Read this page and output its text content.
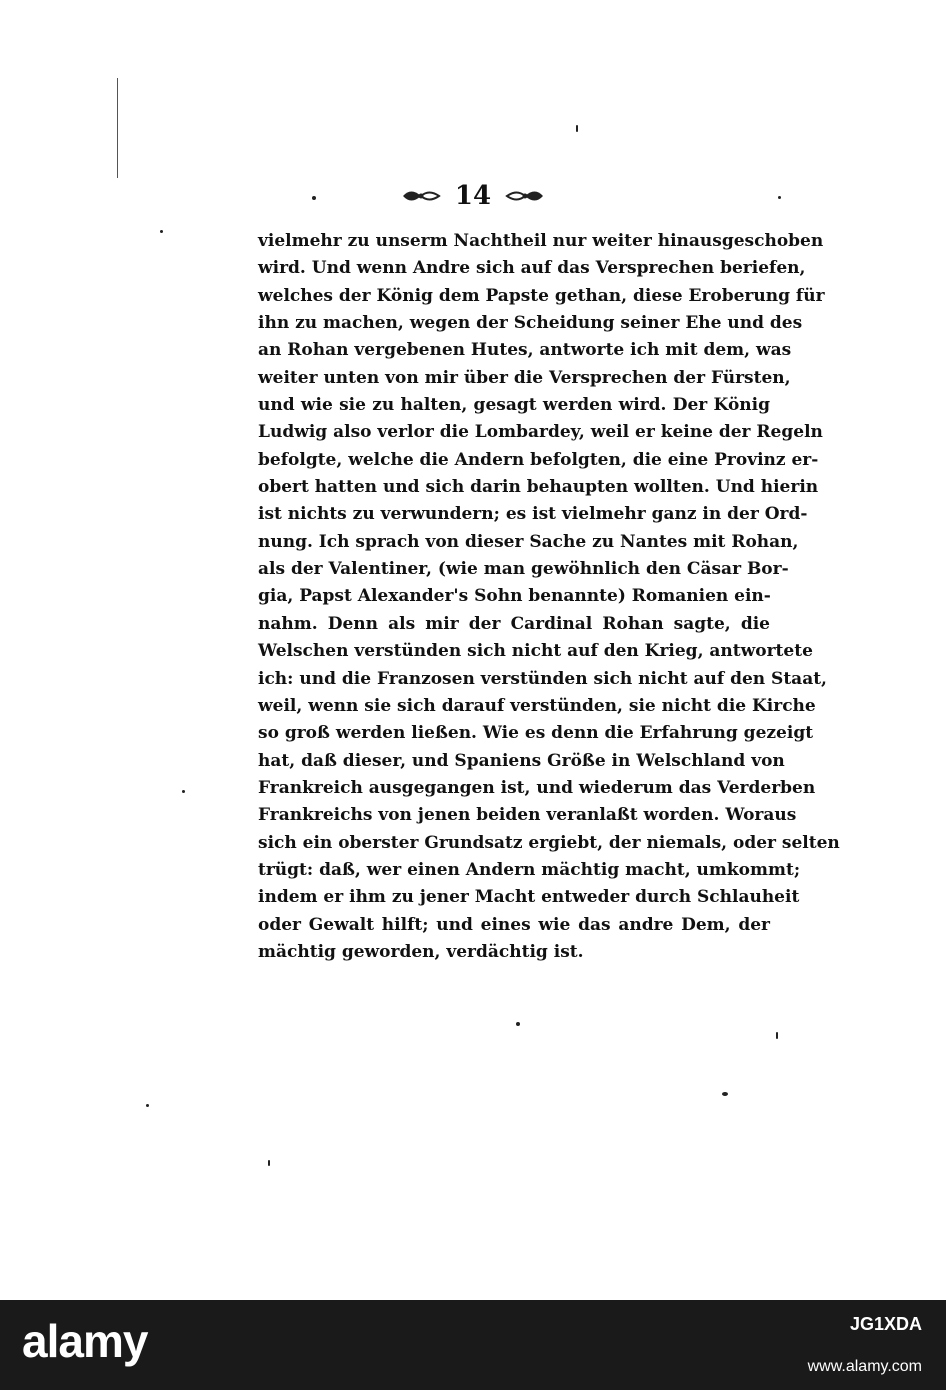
14
vielmehr zu unserm Nachtheil nur weiter hinausgeschoben
wird. Und wenn Andre sich auf das Versprechen beriefen,
welches der König dem Papste gethan, diese Eroberung für
ihn zu machen, wegen der Scheidung seiner Ehe und des
an Rohan vergebenen Hutes, antworte ich mit dem, was
weiter unten von mir über die Versprechen der Fürsten,
und wie sie zu halten, gesagt werden wird. Der König
Ludwig also verlor die Lombardey, weil er keine der Regeln
befolgte, welche die Andern befolgten, die eine Provinz er-
obert hatten und sich darin behaupten wollten. Und hierin
ist nichts zu verwundern; es ist vielmehr ganz in der Ord-
nung. Ich sprach von dieser Sache zu Nantes mit Rohan,
als der Valentiner, (wie man gewöhnlich den Cäsar Bor-
gia, Papst Alexander's Sohn benannte) Romanien ein-
nahm. Denn als mir der Cardinal Rohan sagte, die
Welschen verstünden sich nicht auf den Krieg, antwortete
ich: und die Franzosen verstünden sich nicht auf den Staat,
weil, wenn sie sich darauf verstünden, sie nicht die Kirche
so groß werden ließen. Wie es denn die Erfahrung gezeigt
hat, daß dieser, und Spaniens Größe in Welschland von
Frankreich ausgegangen ist, und wiederum das Verderben
Frankreichs von jenen beiden veranlaßt worden. Woraus
sich ein oberster Grundsatz ergiebt, der niemals, oder selten
trügt: daß, wer einen Andern mächtig macht, umkommt;
indem er ihm zu jener Macht entweder durch Schlauheit
oder Gewalt hilft; und eines wie das andre Dem, der
mächtig geworden, verdächtig ist.
alamy	JG1XDA
www.alamy.com
